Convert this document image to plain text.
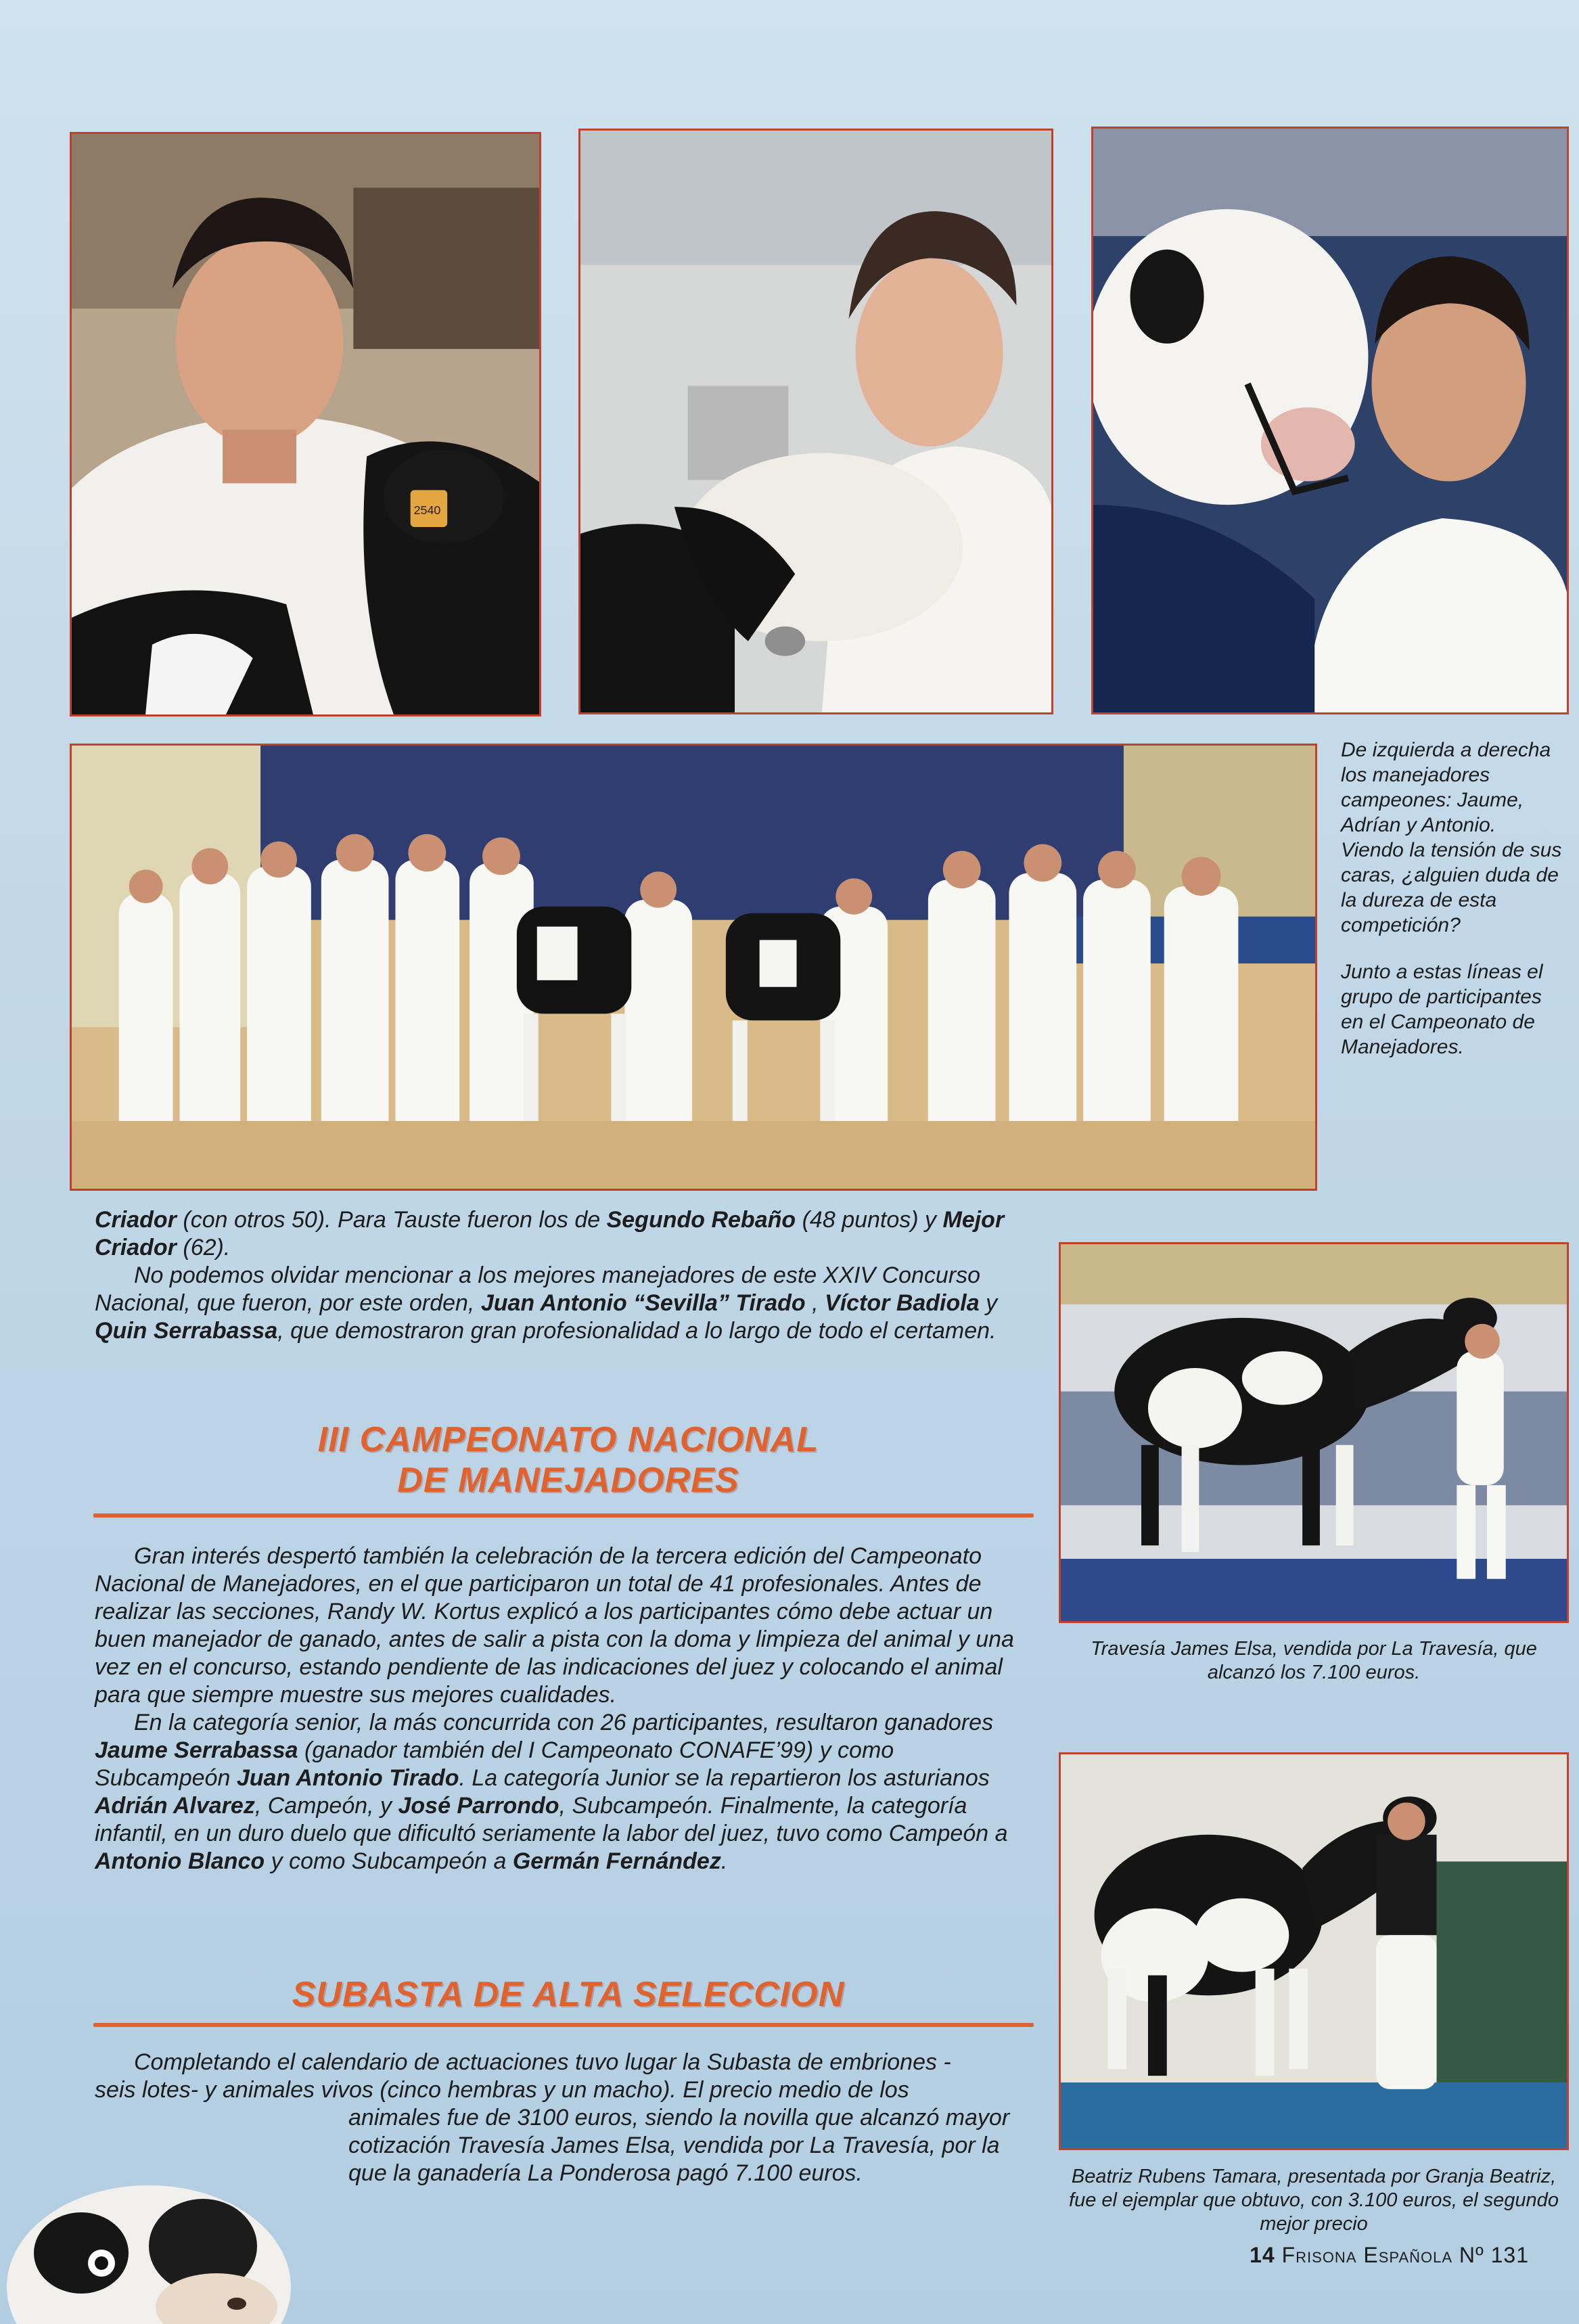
2540

De izquierda a derecha los manejadores campeones: Jaume, Adrían y Antonio. Viendo la tensión de sus caras, ¿alguien duda de la dureza de esta competición?

Junto a estas líneas el grupo de participantes en el Campeonato de Manejadores.

Criador (con otros 50). Para Tauste fueron los de Segundo Rebaño (48 puntos) y Mejor Criador (62).

No podemos olvidar mencionar a los mejores manejadores de este XXIV Concurso Nacional, que fueron, por este orden, Juan Antonio “Sevilla” Tirado , Víctor Badiola y Quin Serrabassa, que demostraron gran profesionalidad a lo largo de todo el certamen.

III CAMPEONATO NACIONAL
DE MANEJADORES

Gran interés despertó también la celebración de la tercera edición del Campeonato Nacional de Manejadores, en el que participaron un total de 41 profesionales. Antes de realizar las secciones, Randy W. Kortus explicó a los participantes cómo debe actuar un buen manejador de ganado, antes de salir a pista con la doma y limpieza del animal y una vez en el concurso, estando pendiente de las indicaciones del juez y colocando el animal para que siempre muestre sus mejores cualidades.

En la categoría senior, la más concurrida con 26 participantes, resultaron ganadores Jaume Serrabassa (ganador también del I Campeonato CONAFE’99) y como Subcampeón Juan Antonio Tirado. La categoría Junior se la repartieron los asturianos Adrián Alvarez, Campeón, y José Parrondo, Subcampeón. Finalmente, la categoría infantil, en un duro duelo que dificultó seriamente la labor del juez, tuvo como Campeón a Antonio Blanco y como Subcampeón a Germán Fernández.

SUBASTA DE ALTA SELECCION

Completando el calendario de actuaciones tuvo lugar la Subasta de embriones -

seis lotes- y animales vivos (cinco hembras y un macho). El precio medio de los

animales fue de 3100 euros, siendo la novilla que alcanzó mayor cotización Travesía James Elsa, vendida por La Travesía, por la que la ganadería La Ponderosa pagó 7.100 euros.

Travesía James Elsa, vendida por La Travesía, que alcanzó los 7.100 euros.
Beatriz Rubens Tamara, presentada por Granja Beatriz, fue el ejemplar que obtuvo, con 3.100 euros, el segundo mejor precio
14 Frisona Española Nº 131
